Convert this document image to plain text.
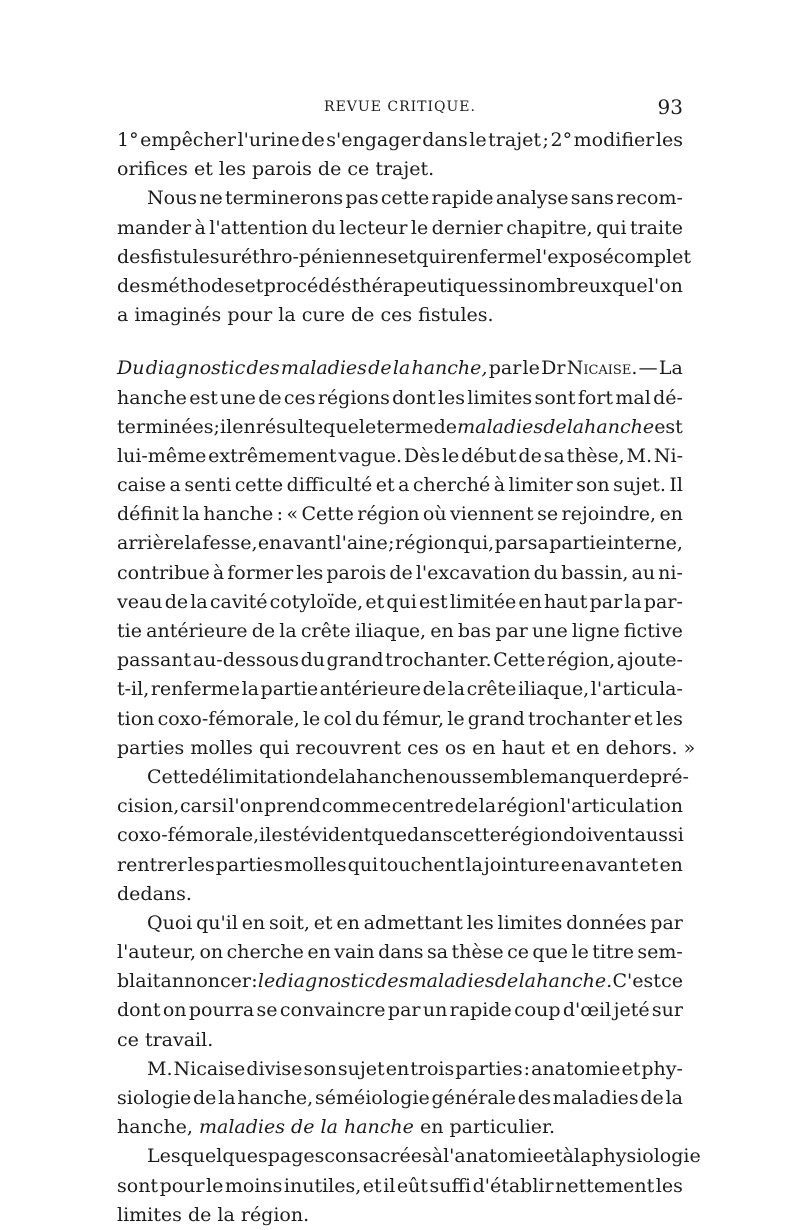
REVUE CRITIQUE.	93
1° empêcher l'urine de s'engager dans le trajet ; 2° modifier les
orifices et les parois de ce trajet.
Nous ne terminerons pas cette rapide analyse sans recom-
mander à l'attention du lecteur le dernier chapitre, qui traite
des fistules uréthro-péniennes et qui renferme l'exposé complet
des méthodes et procédés thérapeutiques si nombreux que l'on
a imaginés pour la cure de ces fistules.
Du diagnostic des maladies de la hanche, par le Dr Nicaise. — La
hanche est une de ces régions dont les limites sont fort mal dé-
terminées; il en résulte que le terme de maladies de la hanche est
lui-même extrêmement vague. Dès le début de sa thèse, M. Ni-
caise a senti cette difficulté et a cherché à limiter son sujet. Il
définit la hanche : « Cette région où viennent se rejoindre, en
arrière la fesse, en avant l'aine ; région qui, par sa partie interne,
contribue à former les parois de l'excavation du bassin, au ni-
veau de la cavité cotyloïde, et qui est limitée en haut par la par-
tie antérieure de la crête iliaque, en bas par une ligne fictive
passant au-dessous du grand trochanter. Cette région, ajoute-
t-il, renferme la partie antérieure de la crête iliaque, l'articula-
tion coxo-fémorale, le col du fémur, le grand trochanter et les
parties molles qui recouvrent ces os en haut et en dehors. »
Cette délimitation de la hanche nous semble manquer de pré-
cision, car si l'on prend comme centre de la région l'articulation
coxo-fémorale, il est évident que dans cette région doivent aussi
rentrer les parties molles qui touchent la jointure en avant et en
dedans.
Quoi qu'il en soit, et en admettant les limites données par
l'auteur, on cherche en vain dans sa thèse ce que le titre sem-
blait annoncer : le diagnostic des maladies de la hanche. C'est ce
dont on pourra se convaincre par un rapide coup d'œil jeté sur
ce travail.
M. Nicaise divise son sujet en trois parties : anatomie et phy-
siologie de la hanche, séméiologie générale des maladies de la
hanche, maladies de la hanche en particulier.
Les quelques pages consacrées à l'anatomie et à la physiologie
sont pour le moins inutiles, et il eût suffi d'établir nettement les
limites de la région.
